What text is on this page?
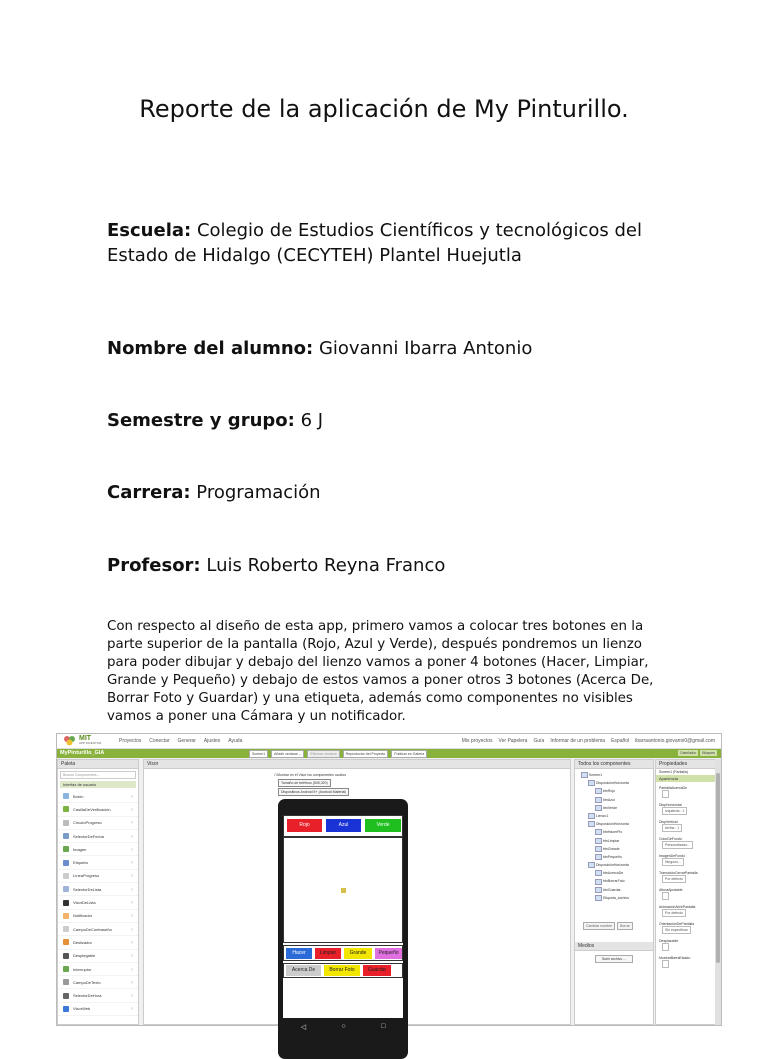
Reporte de la aplicación de My Pinturillo.

Escuela: Colegio de Estudios Científicos y tecnológicos del Estado de Hidalgo (CECYTEH) Plantel Huejutla

Nombre del alumno: Giovanni Ibarra Antonio

Semestre y grupo: 6 J

Carrera: Programación

Profesor: Luis Roberto Reyna Franco

Con respecto al diseño de esta app, primero vamos a colocar tres botones en la parte superior de la pantalla (Rojo, Azul y Verde), después pondremos un lienzo para poder dibujar y debajo del lienzo vamos a poner 4 botones (Hacer, Limpiar, Grande y Pequeño) y debajo de estos vamos a poner otros 3 botones (Acerca De, Borrar Foto y Guardar) y una etiqueta, además como componentes no visibles vamos a poner una Cámara y un notificador.

MIT
APP INVENTOR	Proyectos Conectar Generar Ajustes Ayuda	Mis proyectos Ver Papelera Guía Informar de un problema Español ibarraantonio.giovanni0@gmail.com
MyPinturillo_GIA	Screen1	Añadir ventana ...	Eliminar ventana	Reproductor del Proyecto	Publicar en Galería	Diseñador	Bloques
Paleta
Buscar Componentes...
Interfaz de usuario
Botón	?
CasillaDeVerificación	?
CirculoProgreso	?
SelectorDeFecha	?
Imagen	?
Etiqueta	?
LíneaProgreso	?
SelectorDeLista	?
VisorDeLista	?
Notificador	?
CampoDeContraseña	?
Deslizador	?
Desplegable	?
Interruptor	?
CampoDeTexto	?
SelectorDeHora	?
VisorWeb	?
Visor
☐Mostrar en el Visor los componentes ocultos
Tamaño de teléfono (505,320)
Dispositivos Android 5+ (Android Material)
Rojo	Azul	Verde
Hacer	Limpiar	Grande	Pequeño
Acerca De	Borrar Foto	Guardar
◁	○	□
Todos los componentes
Screen1
DisposiciónHorizonta
btnRojo
btnAzul
btnVerde
Lienzo1
DisposiciónHorizonta
btnHacerPic
btnLimpiar
btnGrande
btnPequeño
DisposiciónHorizonta
btnAcercaDe
btnBorrarFoto
btnGuardar
Etiqueta_archivo
Cambiar nombre	Borrar
Medios
Subir archivo ...
Propiedades
Screen1 (Pantalla)
Apariencia
PantallaAcercaDe

DispHorizontal
Izquierda : 1
DispVertical
Arriba : 1
ColorDeFondo
Personalizado...
ImagenDeFondo
Ninguno...
TransiciónCerrarPantalla
Por defecto
AlturaAjustable

AnimaciónAbrirPantalla
Por defecto
OrientaciónDePantalla
Sin especificar
Desplazable

MostrarBarraEstado
